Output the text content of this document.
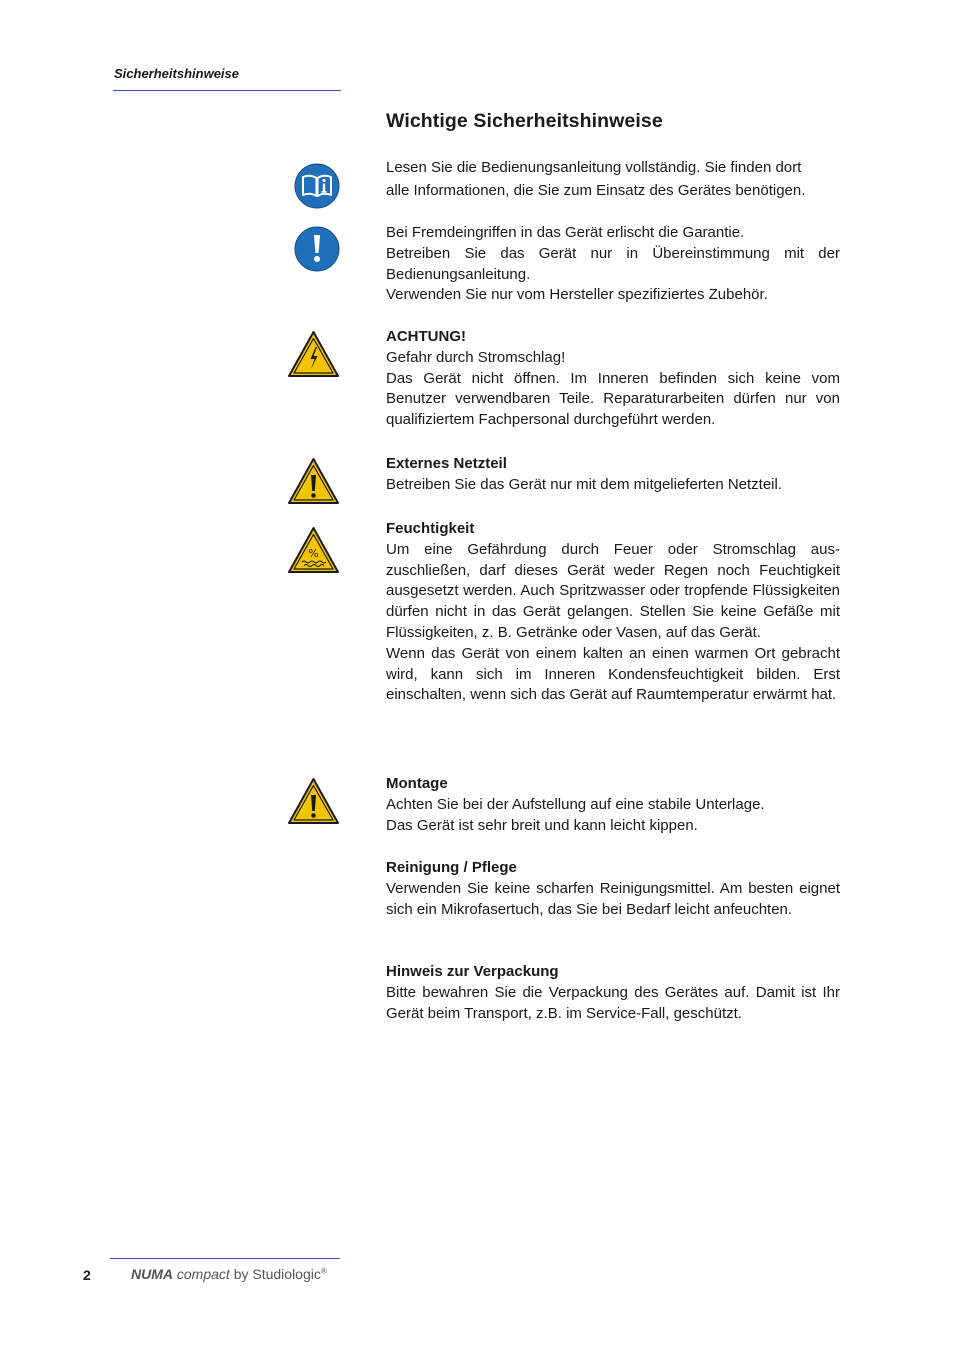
Sicherheitshinweise
Wichtige Sicherheitshinweise
%

Lesen Sie die Bedienungsanleitung vollständig. Sie finden dort

alle Informationen, die Sie zum Einsatz des Gerätes benötigen.

Bei Fremdeingriffen in das Gerät erlischt die Garantie.

Betreiben Sie das Gerät nur in Übereinstimmung mit der Bedienungsanleitung.

Verwenden Sie nur vom Hersteller spezifiziertes Zubehör.

ACHTUNG!

Gefahr durch Stromschlag!

Das Gerät nicht öffnen. Im Inneren befinden sich keine vom Benutzer verwendbaren Teile. Reparaturarbeiten dürfen nur von qualifiziertem Fachpersonal durchgeführt werden.

Externes Netzteil

Betreiben Sie das Gerät nur mit dem mitgelieferten Netzteil.

Feuchtigkeit

Um eine Gefährdung durch Feuer oder Stromschlag auszuschließen, darf dieses Gerät weder Regen noch Feuchtigkeit ausgesetzt werden. Auch Spritzwasser oder tropfende Flüssigkeiten dürfen nicht in das Gerät gelangen. Stellen Sie keine Gefäße mit Flüssigkeiten, z. B. Getränke oder Vasen, auf das Gerät.

Wenn das Gerät von einem kalten an einen warmen Ort gebracht wird, kann sich im Inneren Kondensfeuchtigkeit bilden. Erst einschalten, wenn sich das Gerät auf Raumtemperatur erwärmt hat.

Montage

Achten Sie bei der Aufstellung auf eine stabile Unterlage.

Das Gerät ist sehr breit und kann leicht kippen.

Reinigung / Pflege

Verwenden Sie keine scharfen Reinigungsmittel. Am besten eignet sich ein Mikrofasertuch, das Sie bei Bedarf leicht anfeuchten.

Hinweis zur Verpackung

Bitte bewahren Sie die Verpackung des Gerätes auf. Damit ist Ihr Gerät beim Transport, z.B. im Service-Fall, geschützt.

2	NUMA compact by Studiologic®
